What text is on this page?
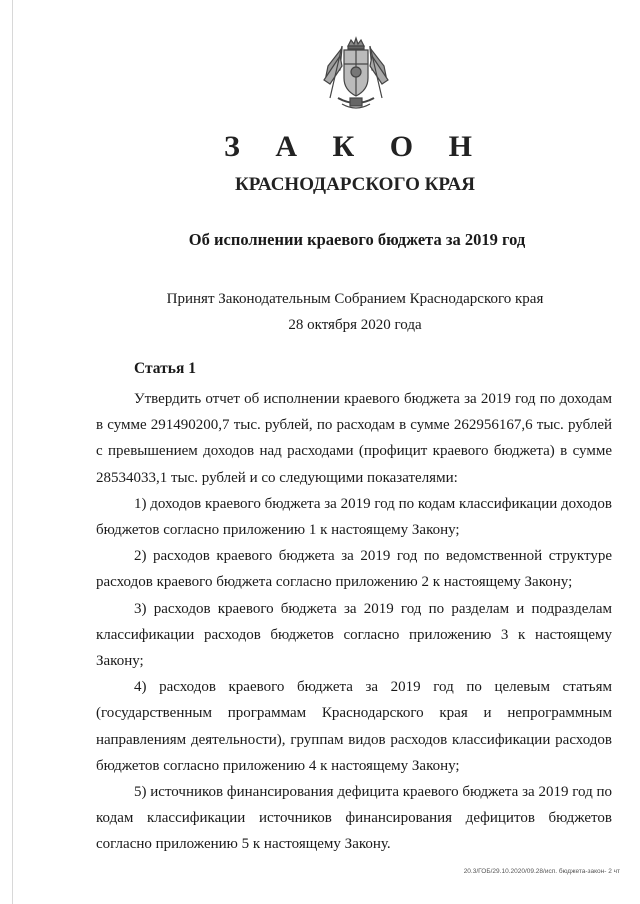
З А К О Н
КРАСНОДАРСКОГО КРАЯ
Об исполнении краевого бюджета за 2019 год
Принят Законодательным Собранием Краснодарского края
28 октября 2020 года
Статья 1

Утвердить отчет об исполнении краевого бюджета за 2019 год по доходам в сумме 291490200,7 тыс. рублей, по расходам в сумме 262956167,6 тыс. рублей с превышением доходов над расходами (профицит краевого бюджета) в сумме 28534033,1 тыс. рублей и со следующими показателями:

1) доходов краевого бюджета за 2019 год по кодам классификации доходов бюджетов согласно приложению 1 к настоящему Закону;

2) расходов краевого бюджета за 2019 год по ведомственной структуре расходов краевого бюджета согласно приложению 2 к настоящему Закону;

3) расходов краевого бюджета за 2019 год по разделам и подразделам классификации расходов бюджетов согласно приложению 3 к настоящему Закону;

4) расходов краевого бюджета за 2019 год по целевым статьям (государственным программам Краснодарского края и непрограммным направлениям деятельности), группам видов расходов классификации расходов бюджетов согласно приложению 4 к настоящему Закону;

5) источников финансирования дефицита краевого бюджета за 2019 год по кодам классификации источников финансирования дефицитов бюджетов согласно приложению 5 к настоящему Закону.

20.3/ГОБ/29.10.2020/09.28/исп. бюджета-закон- 2 чт
